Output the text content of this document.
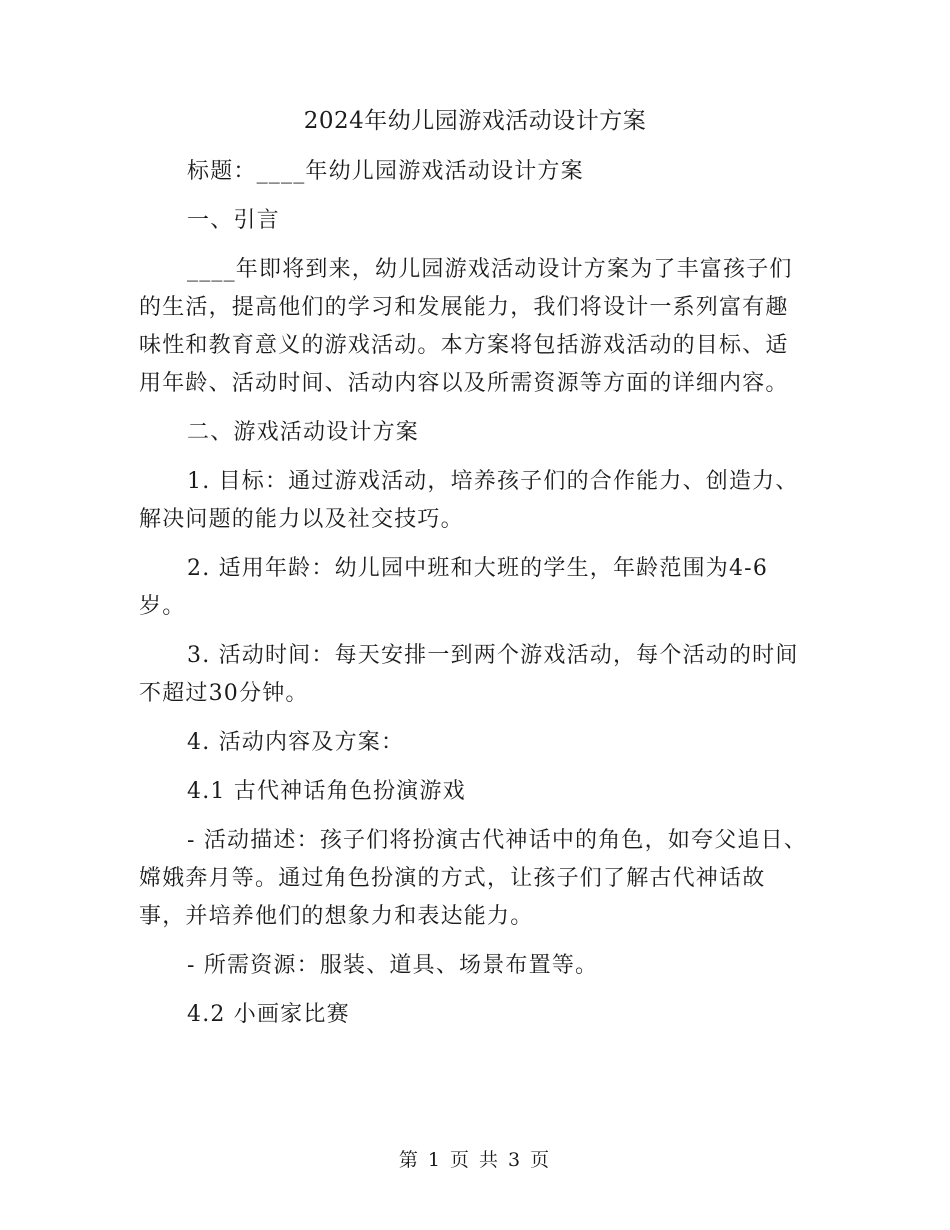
2024年幼儿园游戏活动设计方案

标题：____年幼儿园游戏活动设计方案

一、引言

____年即将到来，幼儿园游戏活动设计方案为了丰富孩子们的生活，提高他们的学习和发展能力，我们将设计一系列富有趣味性和教育意义的游戏活动。本方案将包括游戏活动的目标、适用年龄、活动时间、活动内容以及所需资源等方面的详细内容。

二、游戏活动设计方案

1. 目标：通过游戏活动，培养孩子们的合作能力、创造力、解决问题的能力以及社交技巧。

2. 适用年龄：幼儿园中班和大班的学生，年龄范围为4-6岁。

3. 活动时间：每天安排一到两个游戏活动，每个活动的时间不超过30分钟。

4. 活动内容及方案：

4.1 古代神话角色扮演游戏

- 活动描述：孩子们将扮演古代神话中的角色，如夸父追日、嫦娥奔月等。通过角色扮演的方式，让孩子们了解古代神话故事，并培养他们的想象力和表达能力。

- 所需资源：服装、道具、场景布置等。

4.2 小画家比赛

第 1 页 共 3 页
